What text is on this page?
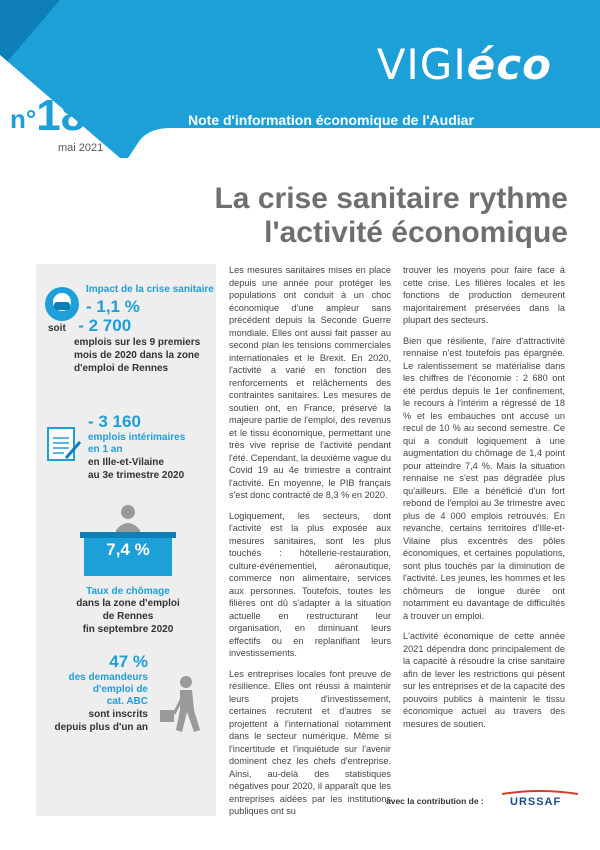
VIGIéco
Note d'information économique de l'Audiar
n°18
mai 2021
La crise sanitaire rythme
l'activité économique
Impact de la crise sanitaire
- 1,1 %
soit - 2 700
emplois sur les 9 premiers mois de 2020 dans la zone d'emploi de Rennes
- 3 160
emplois intérimaires
en 1 an
en Ille-et-Vilaine
au 3e trimestre 2020
7,4 %
Taux de chômage
dans la zone d'emploi
de Rennes
fin septembre 2020
47 %
des demandeurs
d'emploi de
cat. ABC
sont inscrits
depuis plus d'un an

Les mesures sanitaires mises en place depuis une année pour protéger les populations ont conduit à un choc économique d'une ampleur sans précédent depuis la Seconde Guerre mondiale. Elles ont aussi fait passer au second plan les tensions commerciales internationales et le Brexit. En 2020, l'activité a varié en fonction des renforcements et relâchements des contraintes sanitaires. Les mesures de soutien ont, en France, préservé la majeure partie de l'emploi, des revenus et le tissu économique, permettant une très vive reprise de l'activité pendant l'été. Cependant, la deuxième vague du Covid 19 au 4e trimestre a contraint l'activité. En moyenne, le PIB français s'est donc contracté de 8,3 % en 2020.

Logiquement, les secteurs, dont l'activité est la plus exposée aux mesures sanitaires, sont les plus touchés : hôtellerie-restauration, culture-événementiel, aéronautique, commerce non alimentaire, services aux personnes. Toutefois, toutes les filières ont dû s'adapter à la situation actuelle en restructurant leur organisation, en diminuant leurs effectifs ou en replanifiant leurs investissements.

Les entreprises locales font preuve de résilience. Elles ont réussi à maintenir leurs projets d'investissement, certaines recrutent et d'autres se projettent à l'international notamment dans le secteur numérique. Même si l'incertitude et l'inquiétude sur l'avenir dominent chez les chefs d'entreprise. Ainsi, au-delà des statistiques négatives pour 2020, il apparaît que les entreprises aidées par les institutions publiques ont su

trouver les moyens pour faire face à cette crise. Les filières locales et les fonctions de production demeurent majoritairement préservées dans la plupart des secteurs.

Bien que résiliente, l'aire d'attractivité rennaise n'est toutefois pas épargnée. Le ralentissement se matérialise dans les chiffres de l'économie : 2 680 ont été perdus depuis le 1er confinement, le recours à l'intérim a régressé de 18 % et les embauches ont accusé un recul de 10 % au second semestre. Ce qui a conduit logiquement à une augmentation du chômage de 1,4 point pour atteindre 7,4 %. Mais la situation rennaise ne s'est pas dégradée plus qu'ailleurs. Elle a bénéficié d'un fort rebond de l'emploi au 3e trimestre avec plus de 4 000 emplois retrouvés. En revanche, certains territoires d'Ille-et-Vilaine plus excentrés des pôles économiques, et certaines populations, sont plus touchés par la diminution de l'activité. Les jeunes, les hommes et les chômeurs de longue durée ont notamment eu davantage de difficultés à trouver un emploi.

L'activité économique de cette année 2021 dépendra donc principalement de la capacité à résoudre la crise sanitaire afin de lever les restrictions qui pèsent sur les entreprises et de la capacité des pouvoirs publics à maintenir le tissu économique actuel au travers des mesures de soutien.

avec la contribution de : URSSAF
